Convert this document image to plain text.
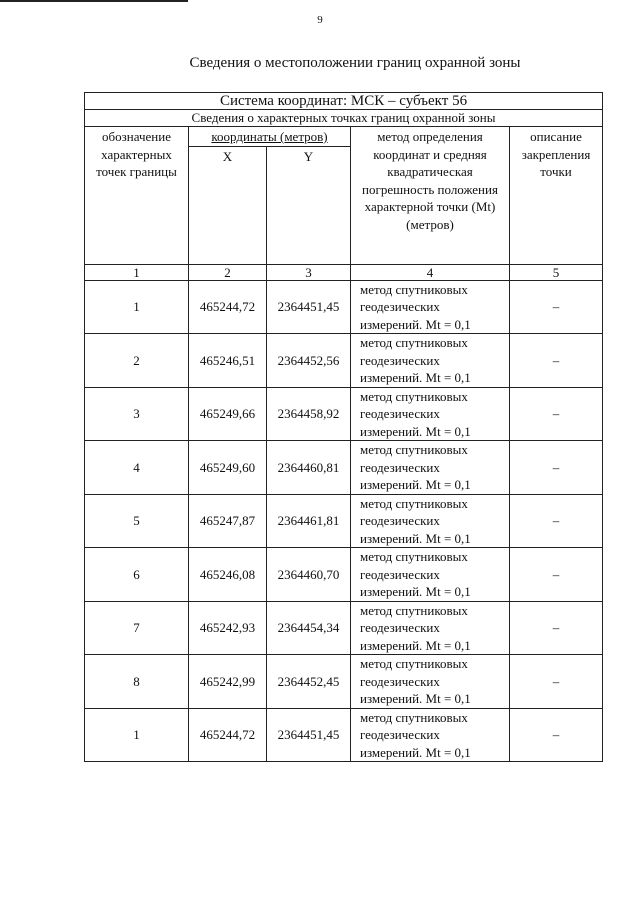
9
Сведения о местоположении границ охранной зоны
Система координат: МСК – субъект 56				
Сведения о характерных точках границ охранной зоны				
обозначение характерных точек границы	координаты (метров)		метод определения координат и средняя квадратическая погрешность положения характерной точки (Mt) (метров)	описание закрепления точки
	X	Y		
1	2	3	4	5
1	465244,72	2364451,45	метод спутниковых
геодезических
измерений. Mt = 0,1	–
2	465246,51	2364452,56	метод спутниковых
геодезических
измерений. Mt = 0,1	–
3	465249,66	2364458,92	метод спутниковых
геодезических
измерений. Mt = 0,1	–
4	465249,60	2364460,81	метод спутниковых
геодезических
измерений. Mt = 0,1	–
5	465247,87	2364461,81	метод спутниковых
геодезических
измерений. Mt = 0,1	–
6	465246,08	2364460,70	метод спутниковых
геодезических
измерений. Mt = 0,1	–
7	465242,93	2364454,34	метод спутниковых
геодезических
измерений. Mt = 0,1	–
8	465242,99	2364452,45	метод спутниковых
геодезических
измерений. Mt = 0,1	–
1	465244,72	2364451,45	метод спутниковых
геодезических
измерений. Mt = 0,1	–
